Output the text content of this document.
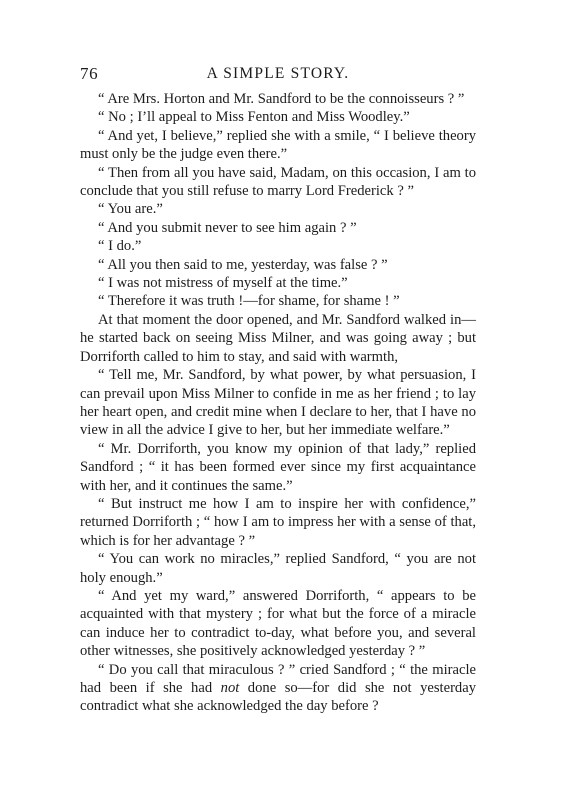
76	A SIMPLE STORY.

“ Are Mrs. Horton and Mr. Sandford to be the connoisseurs ? ”

“ No ; I’ll appeal to Miss Fenton and Miss Woodley.”

“ And yet, I believe,” replied she with a smile, “ I believe theory must only be the judge even there.”

“ Then from all you have said, Madam, on this occasion, I am to conclude that you still refuse to marry Lord Frederick ? ”

“ You are.”

“ And you submit never to see him again ? ”

“ I do.”

“ All you then said to me, yesterday, was false ? ”

“ I was not mistress of myself at the time.”

“ Therefore it was truth !—for shame, for shame ! ”

At that moment the door opened, and Mr. Sandford walked in—he started back on seeing Miss Milner, and was going away ; but Dorriforth called to him to stay, and said with warmth,

“ Tell me, Mr. Sandford, by what power, by what persuasion, I can prevail upon Miss Milner to confide in me as her friend ; to lay her heart open, and credit mine when I declare to her, that I have no view in all the advice I give to her, but her immediate welfare.”

“ Mr. Dorriforth, you know my opinion of that lady,” replied Sandford ; “ it has been formed ever since my first acquaintance with her, and it continues the same.”

“ But instruct me how I am to inspire her with confidence,” returned Dorriforth ; “ how I am to impress her with a sense of that, which is for her advantage ? ”

“ You can work no miracles,” replied Sandford, “ you are not holy enough.”

“ And yet my ward,” answered Dorriforth, “ appears to be acquainted with that mystery ; for what but the force of a miracle can induce her to contradict to-day, what before you, and several other witnesses, she positively acknowledged yesterday ? ”

“ Do you call that miraculous ? ” cried Sandford ; “ the miracle had been if she had not done so—for did she not yesterday contradict what she acknowledged the day before ?
